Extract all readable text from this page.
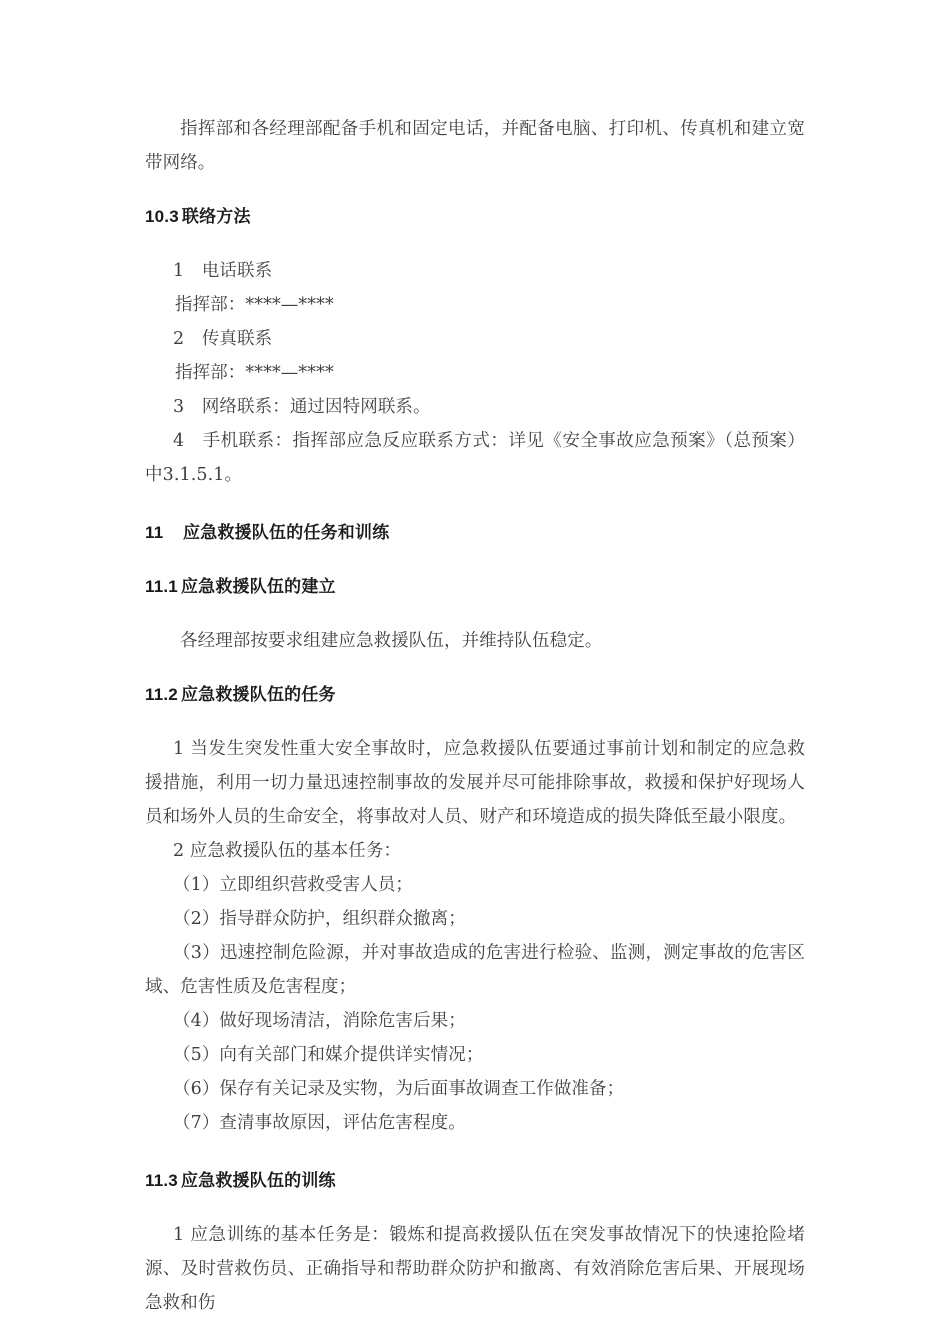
指挥部和各经理部配备手机和固定电话，并配备电脑、打印机、传真机和建立宽带网络。

10.3 联络方法

1　电话联系

指挥部：****—****

2　传真联系

指挥部：****—****

3　网络联系：通过因特网联系。

4　手机联系：指挥部应急反应联系方式：详见《安全事故应急预案》（总预案）中3.1.5.1。

11 应急救援队伍的任务和训练
11.1 应急救援队伍的建立

各经理部按要求组建应急救援队伍，并维持队伍稳定。

11.2 应急救援队伍的任务

1 当发生突发性重大安全事故时，应急救援队伍要通过事前计划和制定的应急救援措施，利用一切力量迅速控制事故的发展并尽可能排除事故，救援和保护好现场人员和场外人员的生命安全，将事故对人员、财产和环境造成的损失降低至最小限度。

2 应急救援队伍的基本任务：

（1）立即组织营救受害人员；

（2）指导群众防护，组织群众撤离；

（3）迅速控制危险源，并对事故造成的危害进行检验、监测，测定事故的危害区域、危害性质及危害程度；

（4）做好现场清洁，消除危害后果；

（5）向有关部门和媒介提供详实情况；

（6）保存有关记录及实物，为后面事故调查工作做准备；

（7）查清事故原因，评估危害程度。

11.3 应急救援队伍的训练

1 应急训练的基本任务是：锻炼和提高救援队伍在突发事故情况下的快速抢险堵源、及时营救伤员、正确指导和帮助群众防护和撤离、有效消除危害后果、开展现场急救和伤
